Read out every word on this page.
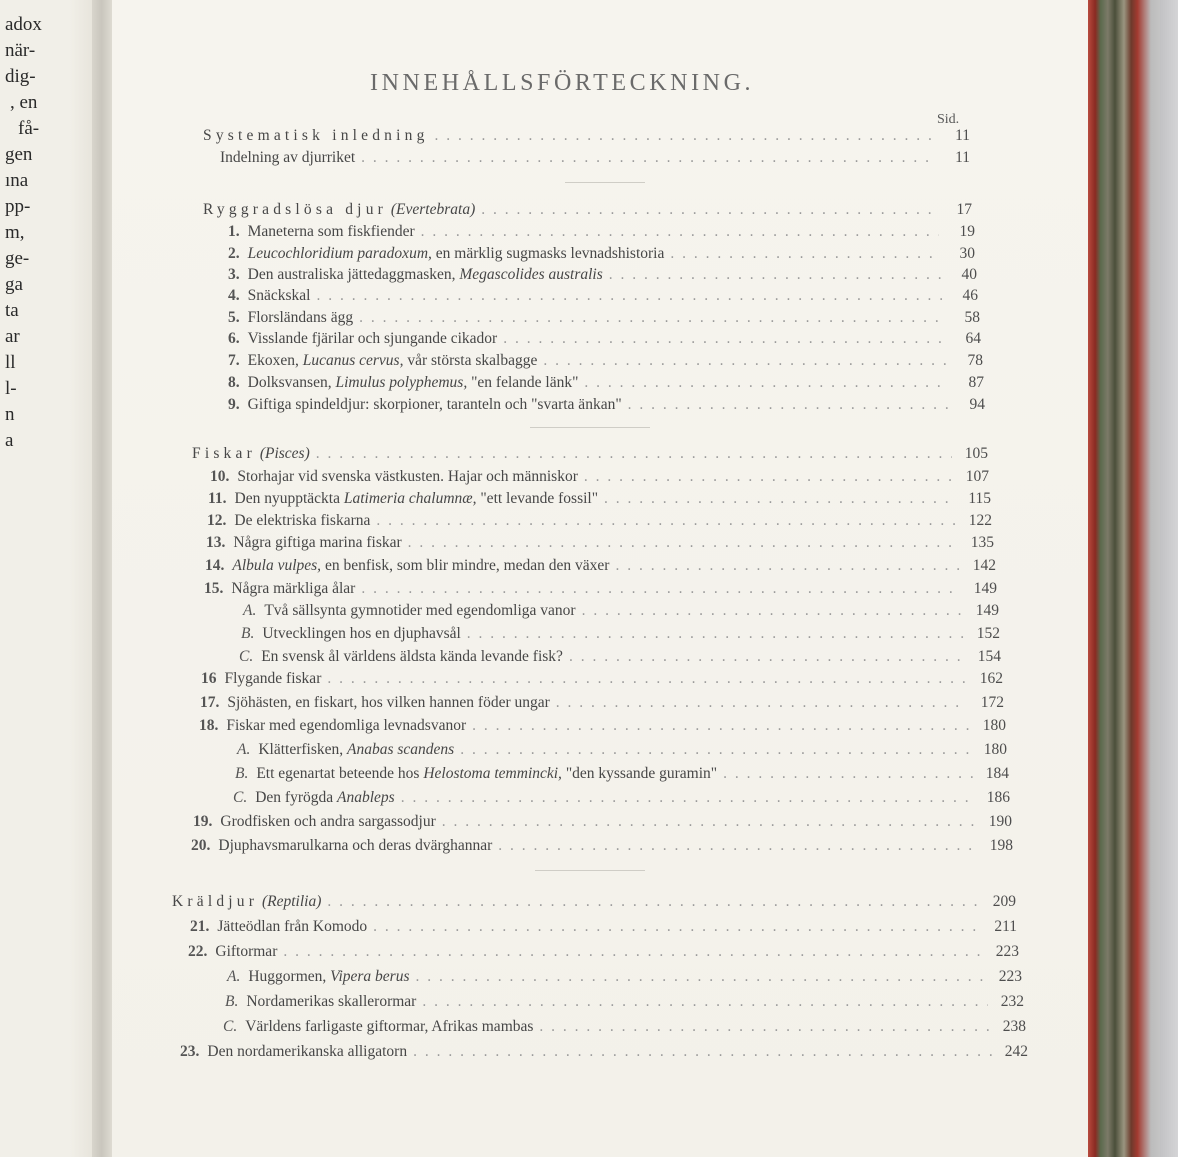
adox
när-
dig-
, en
få-
gen
ına
pp-
m,
ge-
ga
ta
ar
ll
l-
n
a
INNEHÅLLSFÖRTECKNING.
Sid.
Systematisk inledning . . .	11
Indelning av djurriket . . .	11
Ryggradslösa djur (Evertebrata) . . .	17
1. Maneterna som fiskfiender . . .	19
2. Leucochloridium paradoxum, en märklig sugmasks levnadshistoria . . .	30
3. Den australiska jättedaggmasken, Megascolides australis . . .	40
4. Snäckskal . . .	46
5. Florsländans ägg . . .	58
6. Visslande fjärilar och sjungande cikador . . .	64
7. Ekoxen, Lucanus cervus, vår största skalbagge . . .	78
8. Dolksvansen, Limulus polyphemus, "en felande länk" . . .	87
9. Giftiga spindeldjur: skorpioner, taranteln och "svarta änkan" . . .	94
Fiskar (Pisces) . . .	105
10. Storhajar vid svenska västkusten. Hajar och människor . . .	107
11. Den nyupptäckta Latimeria chalumnæ, "ett levande fossil" . . .	115
12. De elektriska fiskarna . . .	122
13. Några giftiga marina fiskar . . .	135
14. Albula vulpes, en benfisk, som blir mindre, medan den växer . . .	142
15. Några märkliga ålar . . .	149
A. Två sällsynta gymnotider med egendomliga vanor . . .	149
B. Utvecklingen hos en djuphavsål . . .	152
C. En svensk ål världens äldsta kända levande fisk? . . .	154
16 Flygande fiskar . . .	162
17. Sjöhästen, en fiskart, hos vilken hannen föder ungar . . .	172
18. Fiskar med egendomliga levnadsvanor . . .	180
A. Klätterfisken, Anabas scandens . . .	180
B. Ett egenartat beteende hos Helostoma temmincki, "den kyssande guramin" . . .	184
C. Den fyrögda Anableps . . .	186
19. Grodfisken och andra sargassodjur . . .	190
20. Djuphavsmarulkarna och deras dvärghannar . . .	198
Kräldjur (Reptilia) . . .	209
21. Jätteödlan från Komodo . . .	211
22. Giftormar . . .	223
A. Huggormen, Vipera berus . . .	223
B. Nordamerikas skallerormar . . .	232
C. Världens farligaste giftormar, Afrikas mambas . . .	238
23. Den nordamerikanska alligatorn . . .	242
